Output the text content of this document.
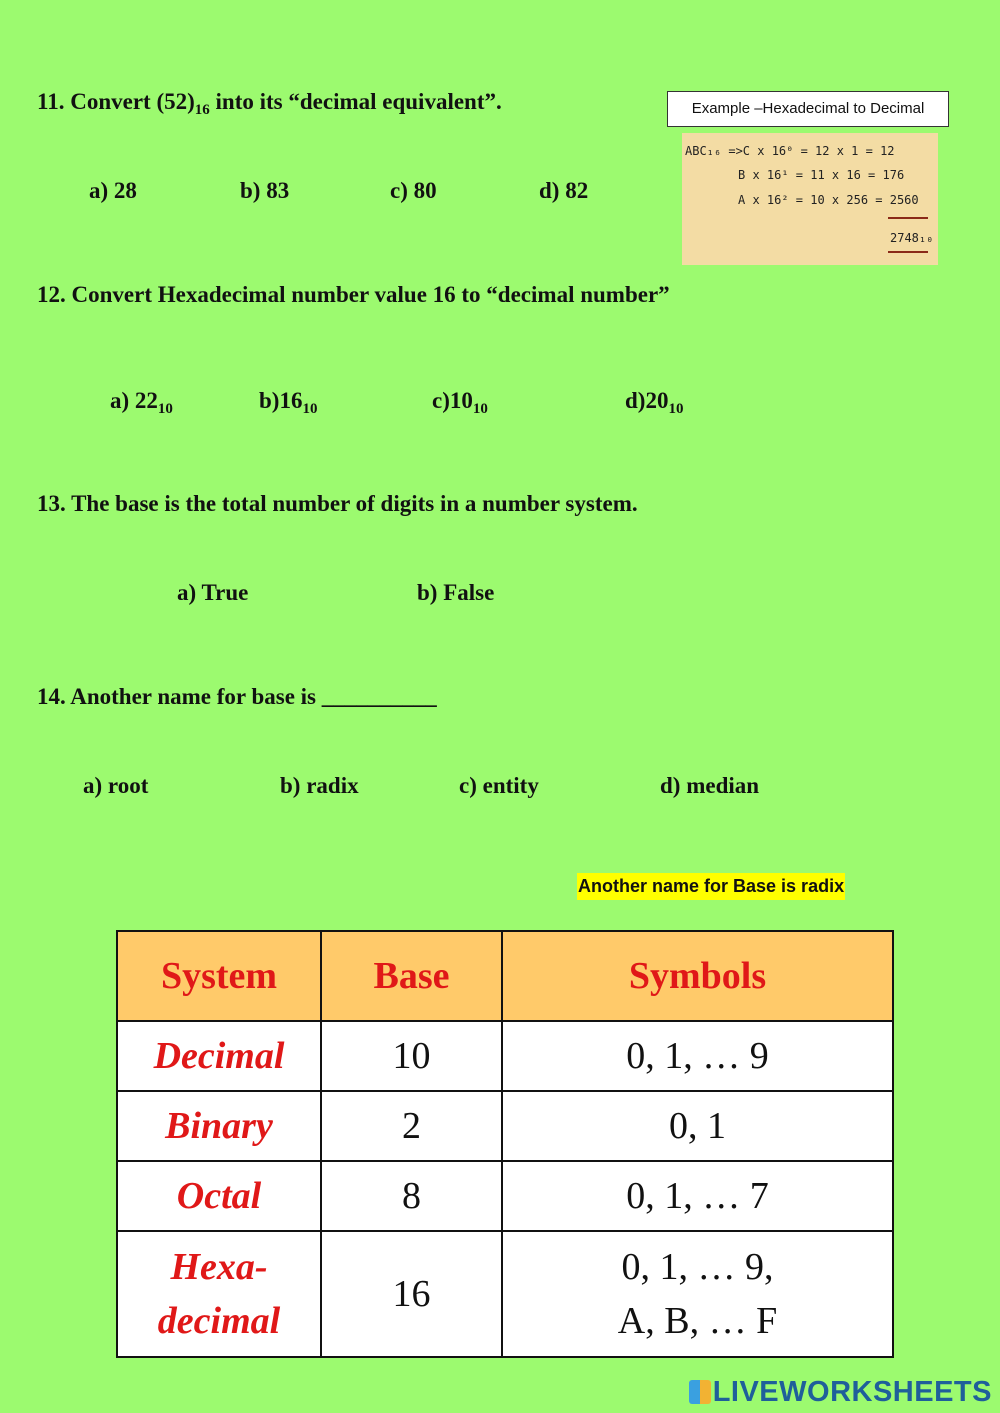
11. Convert $(52)_{16}$ into its “decimal equivalent”.
a) 28	b) 83	c) 80	d) 82
Example –Hexadecimal to Decimal
ABC₁₆ =>C x 16⁰ = 12 x 1 = 12
B x 16¹ = 11 x 16 = 176
A x 16² = 10 x 256 = 2560
2748₁₀
12. Convert Hexadecimal number value 16 to “decimal number”
a) $22_{10}$	$b)16_{10}$	$c)10_{10}$	$d)20_{10}$
13. The base is the total number of digits in a number system.
a) True	b) False
14. Another name for base is __________
a) root	b) radix	c) entity	d) median
Another name for Base is radix
System	Base	Symbols
Decimal	10	0, 1, … 9
Binary	2	0, 1
Octal	8	0, 1, … 7

Hexa-
decimal	16	0, 1, … 9,
A, B, … F
LIVEWORKSHEETS
